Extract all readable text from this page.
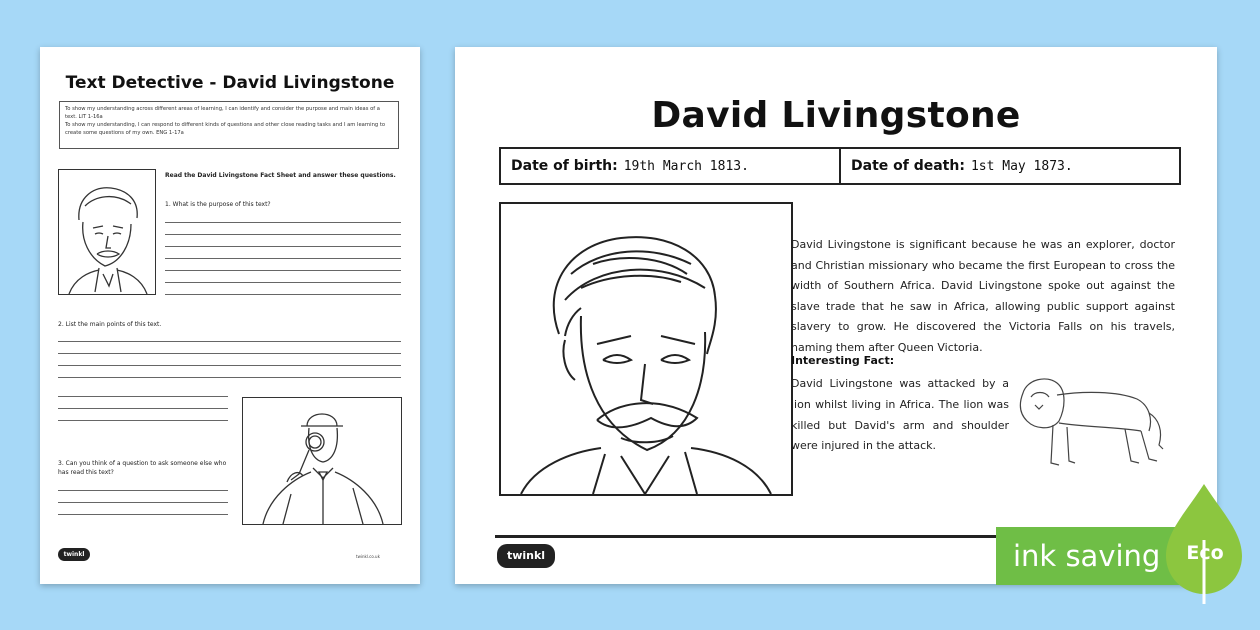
Text Detective - David Livingstone

To show my understanding across different areas of learning, I can identify and consider the purpose and main ideas of a text. LIT 1-16a

To show my understanding, I can respond to different kinds of questions and other close reading tasks and I am learning to create some questions of my own. ENG 1-17a

Read the David Livingstone Fact Sheet and answer these questions.
1. What is the purpose of this text?
2. List the main points of this text.
3. Can you think of a question to ask someone else who has read this text?
twinkl	twinkl.co.uk
David Livingstone
Date of birth: 19th March 1813.	Date of death: 1st May 1873.
David Livingstone is significant because he was an explorer, doctor and Christian missionary who became the first European to cross the width of Southern Africa. David Livingstone spoke out against the slave trade that he saw in Africa, allowing public support against slavery to grow. He discovered the Victoria Falls on his travels, naming them after Queen Victoria.
Interesting Fact:
David Livingstone was attacked by a lion whilst living in Africa. The lion was killed but David's arm and shoulder were injured in the attack.
twinkl	ink saving	Eco
